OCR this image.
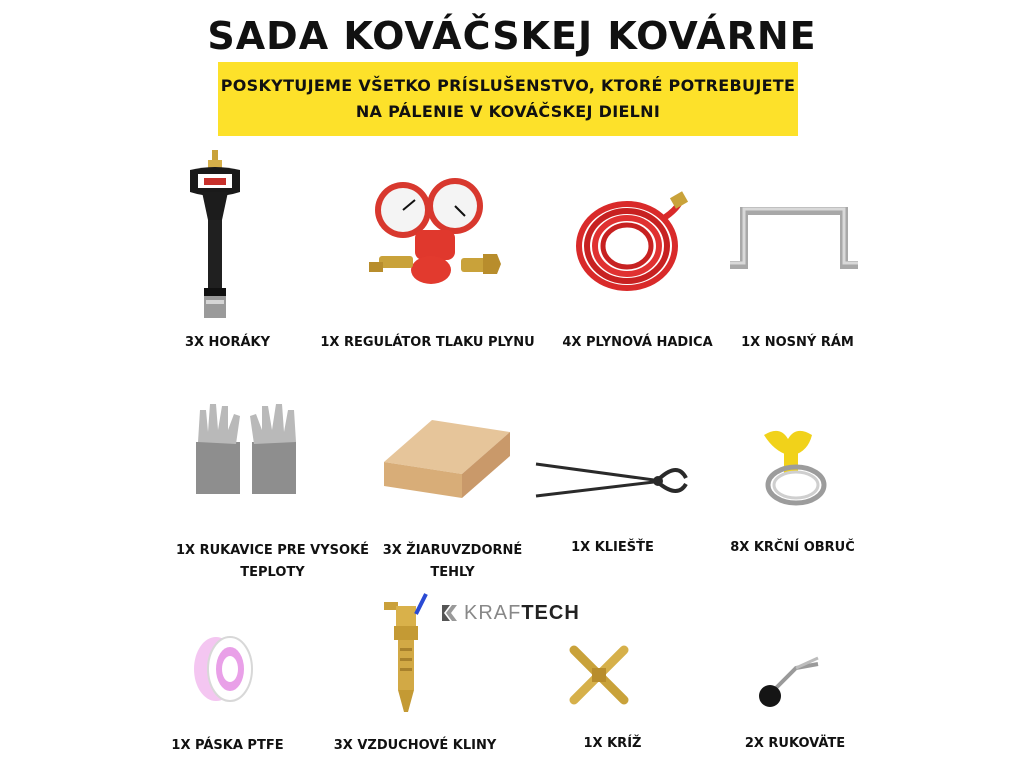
SADA KOVÁČSKEJ KOVÁRNE
POSKYTUJEME VŠETKO PRÍSLUŠENSTVO, KTORÉ POTREBUJETE
NA PÁLENIE V KOVÁČSKEJ DIELNI
3X HORÁKY	1X REGULÁTOR TLAKU PLYNU	4X PLYNOVÁ HADICA	1X NOSNÝ RÁM
1X RUKAVICE PRE VYSOKÉ
TEPLOTY
3X ŽIARUVZDORNÉ
TEHLY
1X KLIEŠŤE	8X KRČNÍ OBRUČ
KRAF TECH
1X PÁSKA PTFE	3X VZDUCHOVÉ KLINY	1X KRÍŽ	2X RUKOVÄTE
